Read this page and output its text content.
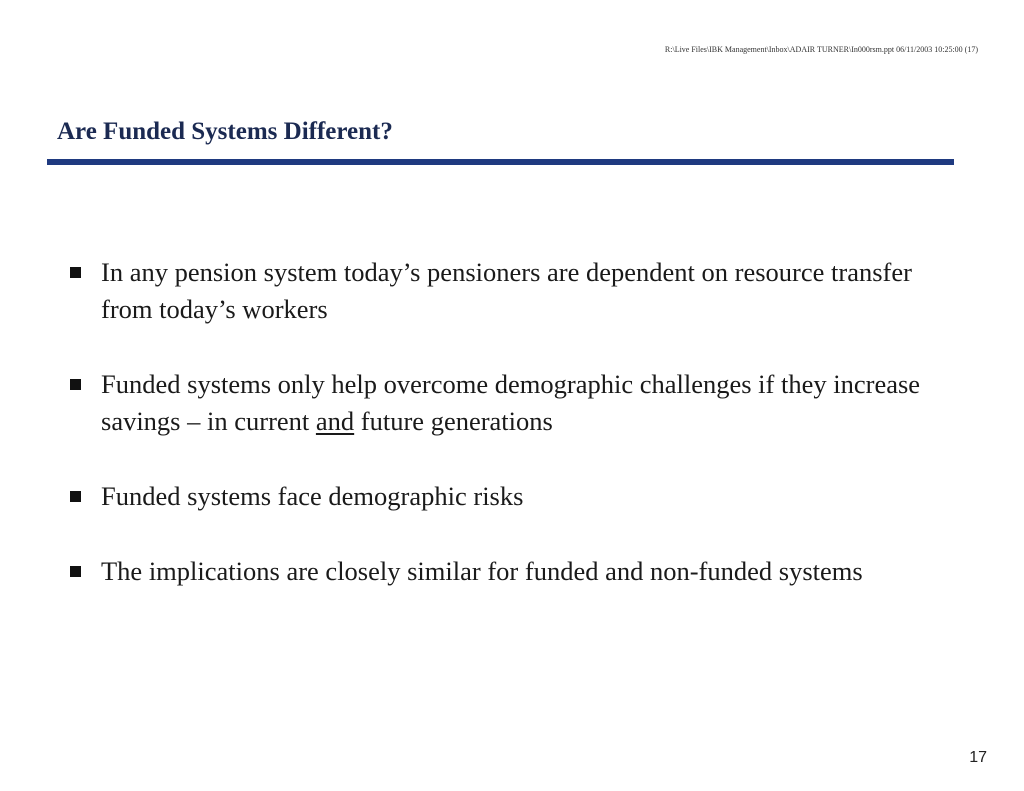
R:\Live Files\IBK Management\Inbox\ADAIR TURNER\In000rsm.ppt 06/11/2003 10:25:00 (17)
Are Funded Systems Different?
In any pension system today’s pensioners are dependent on resource transfer from today’s workers
Funded systems only help overcome demographic challenges if they increase savings – in current and future generations
Funded systems face demographic risks
The implications are closely similar for funded and non-funded systems
17
